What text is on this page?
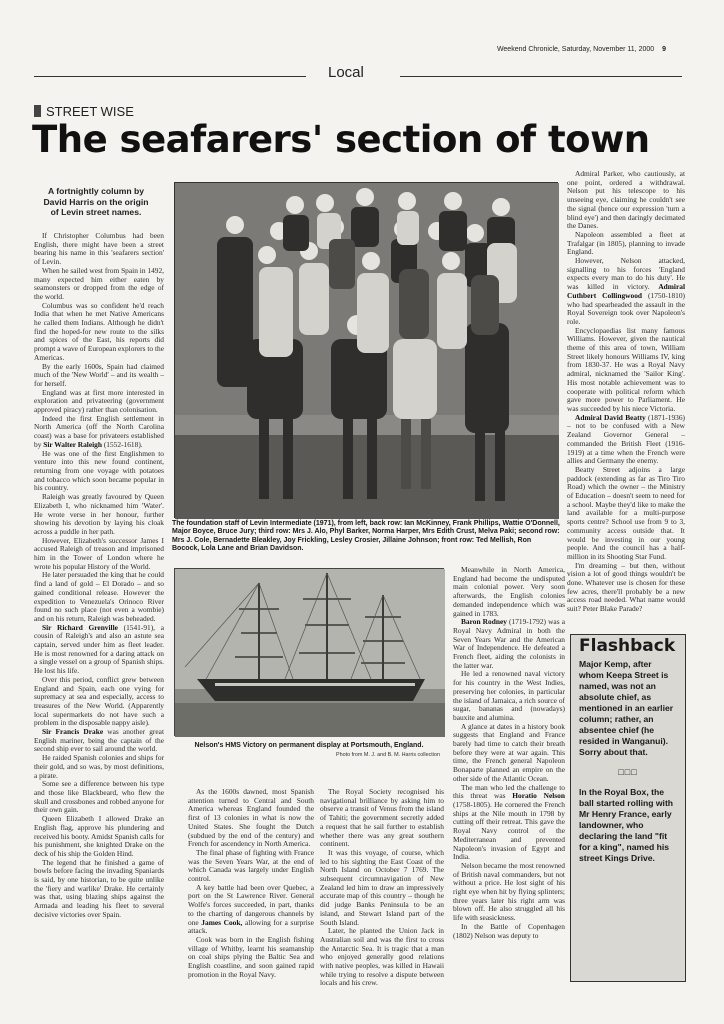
Weekend Chronicle, Saturday, November 11, 2000 9
Local
STREET WISE
The seafarers' section of town
A fortnightly column by David Harris on the origin of Levin street names.

If Christopher Columbus had been English, there might have been a street bearing his name in this 'seafarers section' of Levin.

When he sailed west from Spain in 1492, many expected him either eaten by seamonsters or dropped from the edge of the world.

Columbus was so confident he'd reach India that when he met Native Americans he called them Indians. Although he didn't find the hoped-for new route to the silks and spices of the East, his reports did prompt a wave of European explorers to the Americas.

By the early 1600s, Spain had claimed much of the 'New World' – and its wealth – for herself.

England was at first more interested in exploration and privateering (government approved piracy) rather than colonisation.

Indeed the first English settlement in North America (off the North Carolina coast) was a base for privateers established by Sir Walter Raleigh (1552-1618).

He was one of the first Englishmen to venture into this new found continent, returning from one voyage with potatoes and tobacco which soon became popular in his country.

Raleigh was greatly favoured by Queen Elizabeth I, who nicknamed him 'Water'. He wrote verse in her honour, further showing his devotion by laying his cloak across a puddle in her path.

However, Elizabeth's successor James I accused Raleigh of treason and imprisoned him in the Tower of London where he wrote his popular History of the World.

He later persuaded the king that he could find a land of gold – El Dorado – and so gained conditional release. However the expedition to Venezuela's Orinoco River found no such place (not even a wombie) and on his return, Raleigh was beheaded.

Sir Richard Grenville (1541-91), a cousin of Raleigh's and also an astute sea captain, served under him as fleet leader. He is most renowned for a daring attack on a single vessel on a group of Spanish ships. He lost his life.

Over this period, conflict grew between England and Spain, each one vying for supremacy at sea and especially, access to treasures of the New World. (Apparently local supermarkets do not have such a problem in the disposable nappy aisle).

Sir Francis Drake was another great English mariner, being the captain of the second ship ever to sail around the world.

He raided Spanish colonies and ships for their gold, and so was, by most definitions, a pirate.

Some see a difference between his type and those like Blackbeard, who flew the skull and crossbones and robbed anyone for their own gain.

Queen Elizabeth I allowed Drake an English flag, approve his plundering and received his booty. Amidst Spanish calls for his punishment, she knighted Drake on the deck of his ship the Golden Hind.

The legend that he finished a game of bowls before facing the invading Spaniards is said, by one historian, to be quite unlike the 'fiery and warlike' Drake. He certainly was that, using blazing ships against the Armada and leading his fleet to several decisive victories over Spain.

The foundation staff of Levin Intermediate (1971), from left, back row: Ian McKinney, Frank Phillips, Wattie O'Donnell, Major Boyce, Bruce Jury; third row: Mrs J. Alo, Phyl Barker, Norma Harper, Mrs Edith Crust, Melva Paki; second row: Mrs J. Cole, Bernadette Bleakley, Joy Frickling, Lesley Crosier, Jillaine Johnson; front row: Ted Mellish, Ron Bocock, Lola Lane and Brian Davidson.
Nelson's HMS Victory on permanent display at Portsmouth, England.
Photo from M. J. and B. M. Harris collection

As the 1600s dawned, most Spanish attention turned to Central and South America whereas England founded the first of 13 colonies in what is now the United States. She fought the Dutch (subdued by the end of the century) and French for ascendency in North America.

The final phase of fighting with France was the Seven Years War, at the end of which Canada was largely under English control.

A key battle had been over Quebec, a port on the St Lawrence River. General Wolfe's forces succeeded, in part, thanks to the charting of dangerous channels by one James Cook, allowing for a surprise attack.

Cook was born in the English fishing village of Whitby, learnt his seamanship on coal ships plying the Baltic Sea and English coastline, and soon gained rapid promotion in the Royal Navy.

The Royal Society recognised his navigational brilliance by asking him to observe a transit of Venus from the island of Tahiti; the government secretly added a request that he sail further to establish whether there was any great southern continent.

It was this voyage, of course, which led to his sighting the East Coast of the North Island on October 7 1769. The subsequent circumnavigation of New Zealand led him to draw an impressively accurate map of this country – though he did judge Banks Peninsula to be an island, and Stewart Island part of the South Island.

Later, he planted the Union Jack in Australian soil and was the first to cross the Antarctic Sea. It is tragic that a man who enjoyed generally good relations with native peoples, was killed in Hawaii while trying to resolve a dispute between locals and his crew.

Meanwhile in North America, England had become the undisputed main colonial power. Very soon afterwards, the English colonies demanded independence which was gained in 1783.

Baron Rodney (1719-1792) was a Royal Navy Admiral in both the Seven Years War and the American War of Independence. He defeated a French fleet, aiding the colonists in the latter war.

He led a renowned naval victory for his country in the West Indies, preserving her colonies, in particular the island of Jamaica, a rich source of sugar, bananas and (nowadays) bauxite and alumina.

A glance at dates in a history book suggests that England and France barely had time to catch their breath before they were at war again. This time, the French general Napoleon Bonaparte planned an empire on the other side of the Atlantic Ocean.

The man who led the challenge to this threat was Horatio Nelson (1758-1805). He cornered the French ships at the Nile mouth in 1798 by cutting off their retreat. This gave the Royal Navy control of the Mediterranean and prevented Napoleon's invasion of Egypt and India.

Nelson became the most renowned of British naval commanders, but not without a price. He lost sight of his right eye when hit by flying splinters; three years later his right arm was blown off. He also struggled all his life with seasickness.

In the Battle of Copenhagen (1802) Nelson was deputy to

Admiral Parker, who cautiously, at one point, ordered a withdrawal. Nelson put his telescope to his unseeing eye, claiming he couldn't see the signal (hence our expression 'turn a blind eye') and then daringly decimated the Danes.

Napoleon assembled a fleet at Trafalgar (in 1805), planning to invade England.

However, Nelson attacked, signalling to his forces 'England expects every man to do his duty'. He was killed in victory. Admiral Cuthbert Collingwood (1750-1810) who had spearheaded the assault in the Royal Sovereign took over Napoleon's role.

Encyclopaedias list many famous Williams. However, given the nautical theme of this area of town, William Street likely honours Williams IV, king from 1830-37. He was a Royal Navy admiral, nicknamed the 'Sailor King'. His most notable achievement was to cooperate with political reform which gave more power to Parliament. He was succeeded by his niece Victoria.

Admiral David Beatty (1871-1936) – not to be confused with a New Zealand Governor General – commanded the British Fleet (1916-1919) at a time when the French were allies and Germany the enemy.

Beatty Street adjoins a large paddock (extending as far as Tiro Tiro Road) which the owner – the Ministry of Education – doesn't seem to need for a school. Maybe they'd like to make the land available for a multi-purpose sports centre? School use from 9 to 3, community access outside that. It would be investing in our young people. And the council has a half-million in its Shooting Star Fund.

I'm dreaming – but then, without vision a lot of good things wouldn't be done. Whatever use is chosen for these few acres, there'll probably be a new access road needed. What name would suit? Peter Blake Parade?

Flashback
Major Kemp, after whom Keepa Street is named, was not an absolute chief, as mentioned in an earlier column; rather, an absentee chief (he resided in Wanganui). Sorry about that.
□□□
In the Royal Box, the ball started rolling with Mr Henry France, early landowner, who declaring the land "fit for a king", named his street Kings Drive.
